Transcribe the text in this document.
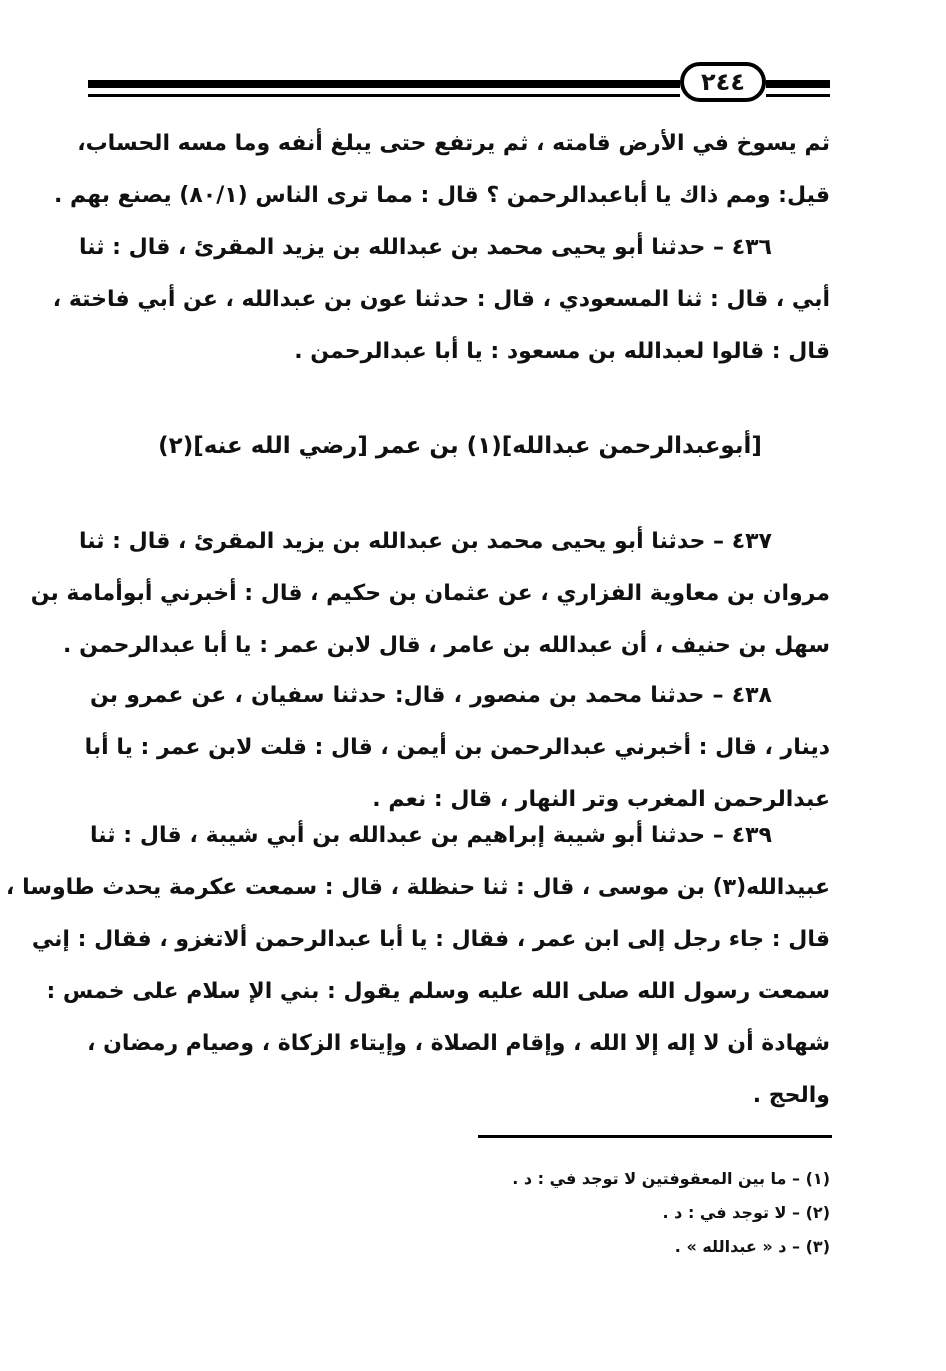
٢٤٤
ثم يسوخ في الأرض قامته ، ثم يرتفع حتى يبلغ أنفه وما مسه الحساب،
قيل: ومم ذاك يا أباعبدالرحمن ؟ قال : مما ترى الناس (٨٠/١) يصنع بهم .
٤٣٦ – حدثنا أبو يحيى محمد بن عبدالله بن يزيد المقرئ ، قال : ثنا
أبي ، قال : ثنا المسعودي ، قال : حدثنا عون بن عبدالله ، عن أبي فاختة ،
قال : قالوا لعبدالله بن مسعود : يا أبا عبدالرحمن .
[أبوعبدالرحمن عبدالله](١) بن عمر [رضي الله عنه](٢)
٤٣٧ – حدثنا أبو يحيى محمد بن عبدالله بن يزيد المقرئ ، قال : ثنا
مروان بن معاوية الفزاري ، عن عثمان بن حكيم ، قال : أخبرني أبوأمامة بن
سهل بن حنيف ، أن عبدالله بن عامر ، قال لابن عمر : يا أبا عبدالرحمن .
٤٣٨ – حدثنا محمد بن منصور ، قال: حدثنا سفيان ، عن عمرو بن
دينار ، قال : أخبرني عبدالرحمن بن أيمن ، قال : قلت لابن عمر : يا أبا
عبدالرحمن المغرب وتر النهار ، قال : نعم .
٤٣٩ – حدثنا أبو شيبة إبراهيم بن عبدالله بن أبي شيبة ، قال : ثنا
عبيدالله(٣) بن موسى ، قال : ثنا حنظلة ، قال : سمعت عكرمة يحدث طاوسا ،
قال : جاء رجل إلى ابن عمر ، فقال : يا أبا عبدالرحمن ألاتغزو ، فقال : إني
سمعت رسول الله صلى الله عليه وسلم يقول : بني الإ سلام على خمس :
شهادة أن لا إله إلا الله ، وإقام الصلاة ، وإيتاء الزكاة ، وصيام رمضان ،
والحج .
(١) – ما بين المعقوفتين لا توجد في : د .
(٢) – لا توجد في : د .
(٣) – د « عبدالله » .
